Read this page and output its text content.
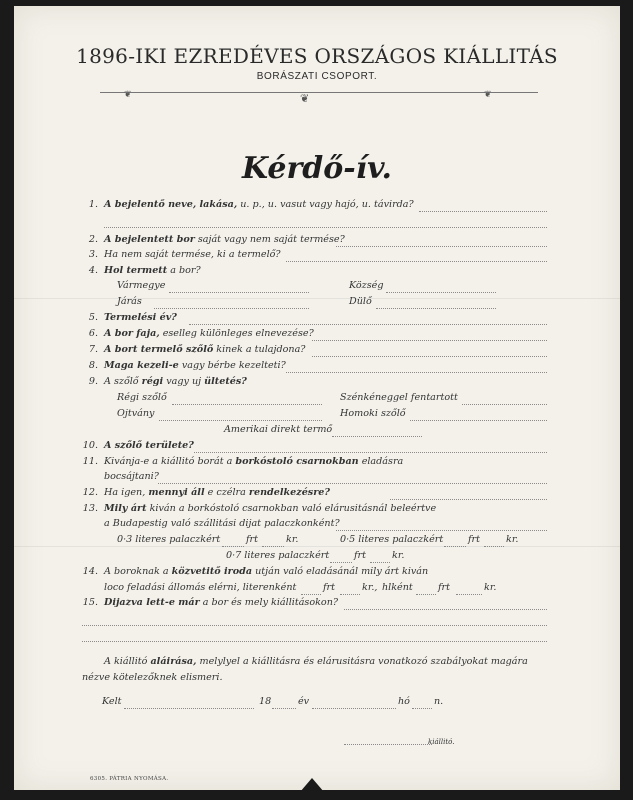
1896-IKI EZREDÉVES ORSZÁGOS KIÁLLITÁS
BORÁSZATI CSOPORT.
❦	❦	❦
Kérdő-ív.
1. A bejelentő neve, lakása, u. p., u. vasut vagy hajó, u. távirda?
2. A bejelentett bor saját vagy nem saját termése?
3. Ha nem saját termése, ki a termelő?
4. Hol termett a bor?
Vármegye	Község
Járás	Dülő
5. Termelési év?
6. A bor faja, eselleg különleges elnevezése?
7. A bort termelő szőlő kinek a tulajdona?
8. Maga kezeli-e vagy bérbe kezelteti?
9. A szőlő régi vagy uj ültetés?
Régi szőlő	Szénkéneggel fentartott
Ojtvány	Homoki szőlő
Amerikai direkt termő
10. A szőlő területe?
11. Kivánja-e a kiállitó borát a borkóstoló csarnokban eladásra
bocsájtani?
12. Ha igen, mennyi áll e czélra rendelkezésre?
13. Mily árt kiván a borkóstoló csarnokban való elárusitásnál beleértve
a Budapestig való szállitási dijat palaczkonként?
0·3 literes palaczkért	frt	kr.	0·5 literes palaczkért	frt	kr.
0·7 literes palaczkért	frt	kr.
14. A boroknak a közvetitő iroda utján való eladásánál mily árt kiván
loco feladási állomás elérni, literenként	frt	kr., hlként	frt	kr.
15. Dijazva lett-e már a bor és mely kiállitásokon?
A kiállitó aláirása, melylyel a kiállitásra és elárusitásra vonatkozó szabályokat magára
nézve kötelezőknek elismeri.
Kelt	18	év	hó	n.
kiállitó.
6305. PÁTRIA NYOMÁSA.
